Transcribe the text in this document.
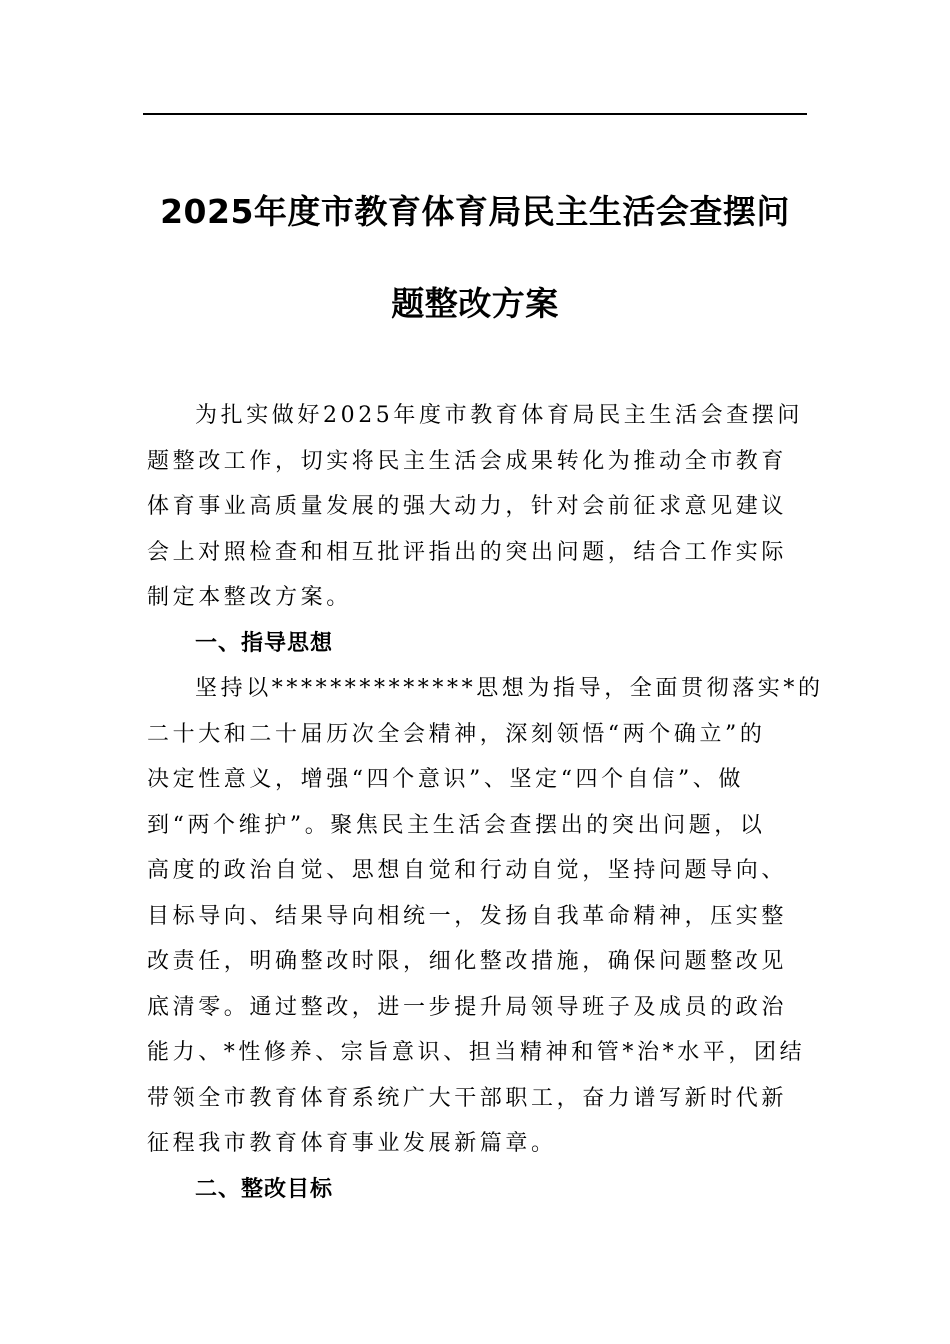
2025年度市教育体育局民主生活会查摆问
题整改方案
为扎实做好2025年度市教育体育局民主生活会查摆问
题整改工作，切实将民主生活会成果转化为推动全市教育
体育事业高质量发展的强大动力，针对会前征求意见建议
会上对照检查和相互批评指出的突出问题，结合工作实际
制定本整改方案。
一、指导思想
坚持以**************思想为指导，全面贯彻落实*的
二十大和二十届历次全会精神，深刻领悟“两个确立”的
决定性意义，增强“四个意识”、坚定“四个自信”、做
到“两个维护”。聚焦民主生活会查摆出的突出问题，以
高度的政治自觉、思想自觉和行动自觉，坚持问题导向、
目标导向、结果导向相统一，发扬自我革命精神，压实整
改责任，明确整改时限，细化整改措施，确保问题整改见
底清零。通过整改，进一步提升局领导班子及成员的政治
能力、*性修养、宗旨意识、担当精神和管*治*水平，团结
带领全市教育体育系统广大干部职工，奋力谱写新时代新
征程我市教育体育事业发展新篇章。
二、整改目标
